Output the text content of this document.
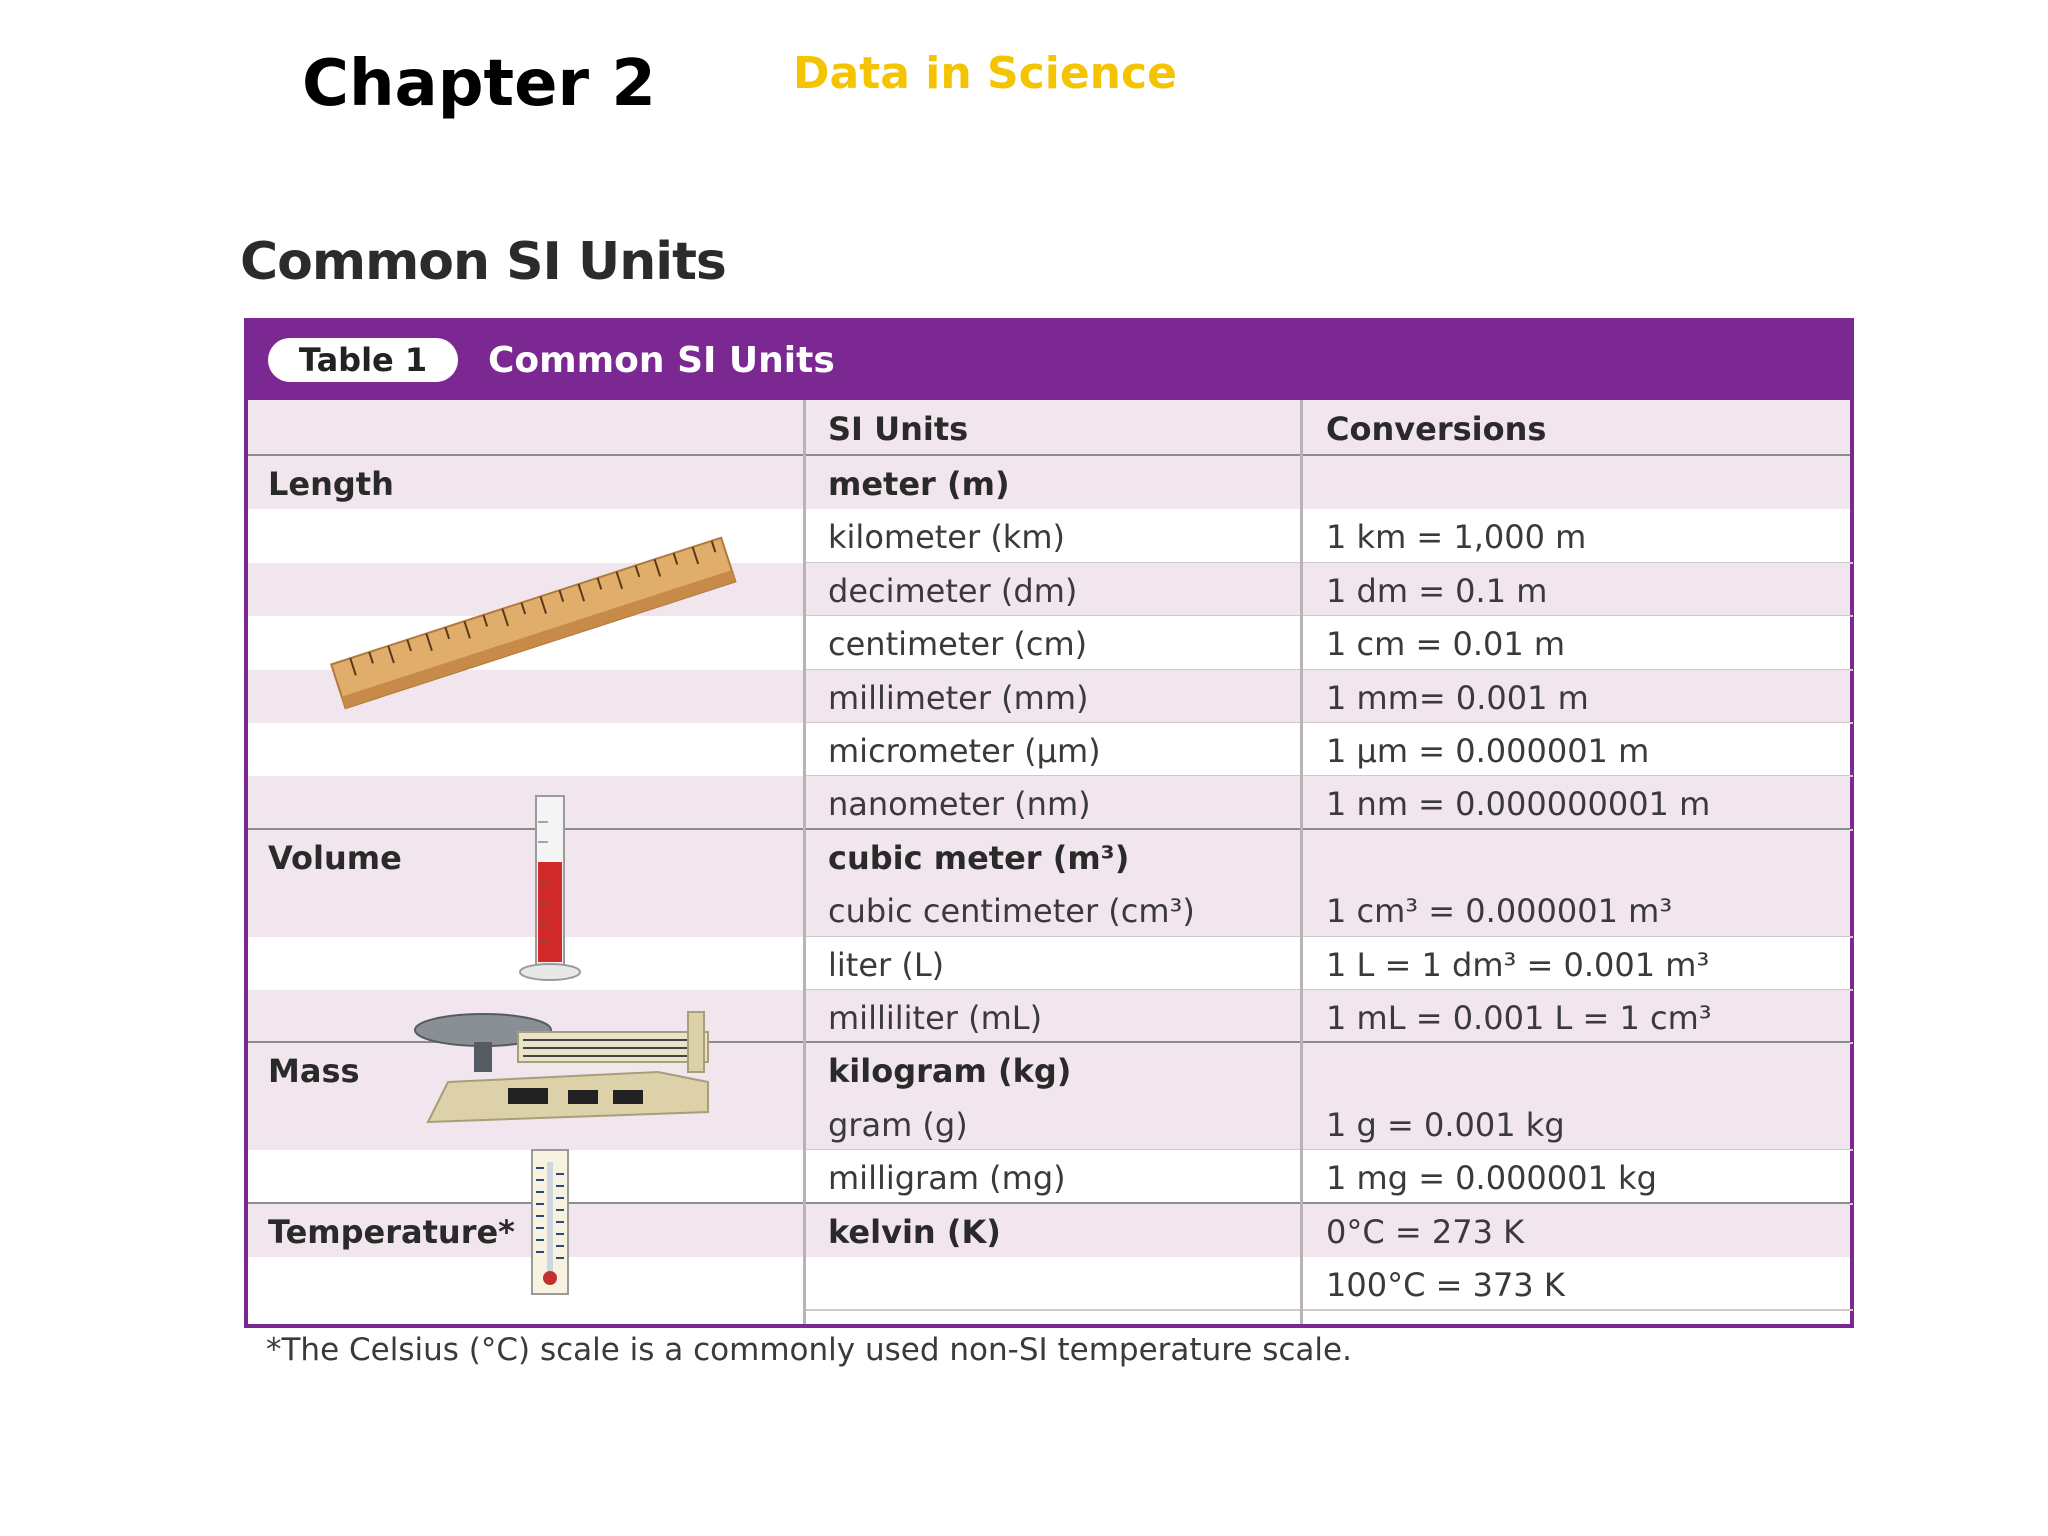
Chapter 2	Data in Science
Common SI Units
Table 1	Common SI Units
SI Units	Conversions
Length	meter (m)
kilometer (km)	1 km = 1,000 m
decimeter (dm)	1 dm = 0.1 m
centimeter (cm)	1 cm = 0.01 m
millimeter (mm)	1 mm= 0.001 m
micrometer (µm)	1 µm = 0.000001 m
nanometer (nm)	1 nm = 0.000000001 m
Volume	cubic meter (m³)
cubic centimeter (cm³)	1 cm³ = 0.000001 m³
liter (L)	1 L = 1 dm³ = 0.001 m³
milliliter (mL)	1 mL = 0.001 L = 1 cm³
Mass	kilogram (kg)
gram (g)	1 g = 0.001 kg
milligram (mg)	1 mg = 0.000001 kg
Temperature*	kelvin (K)	0°C = 273 K
100°C = 373 K
*The Celsius (°C) scale is a commonly used non-SI temperature scale.
